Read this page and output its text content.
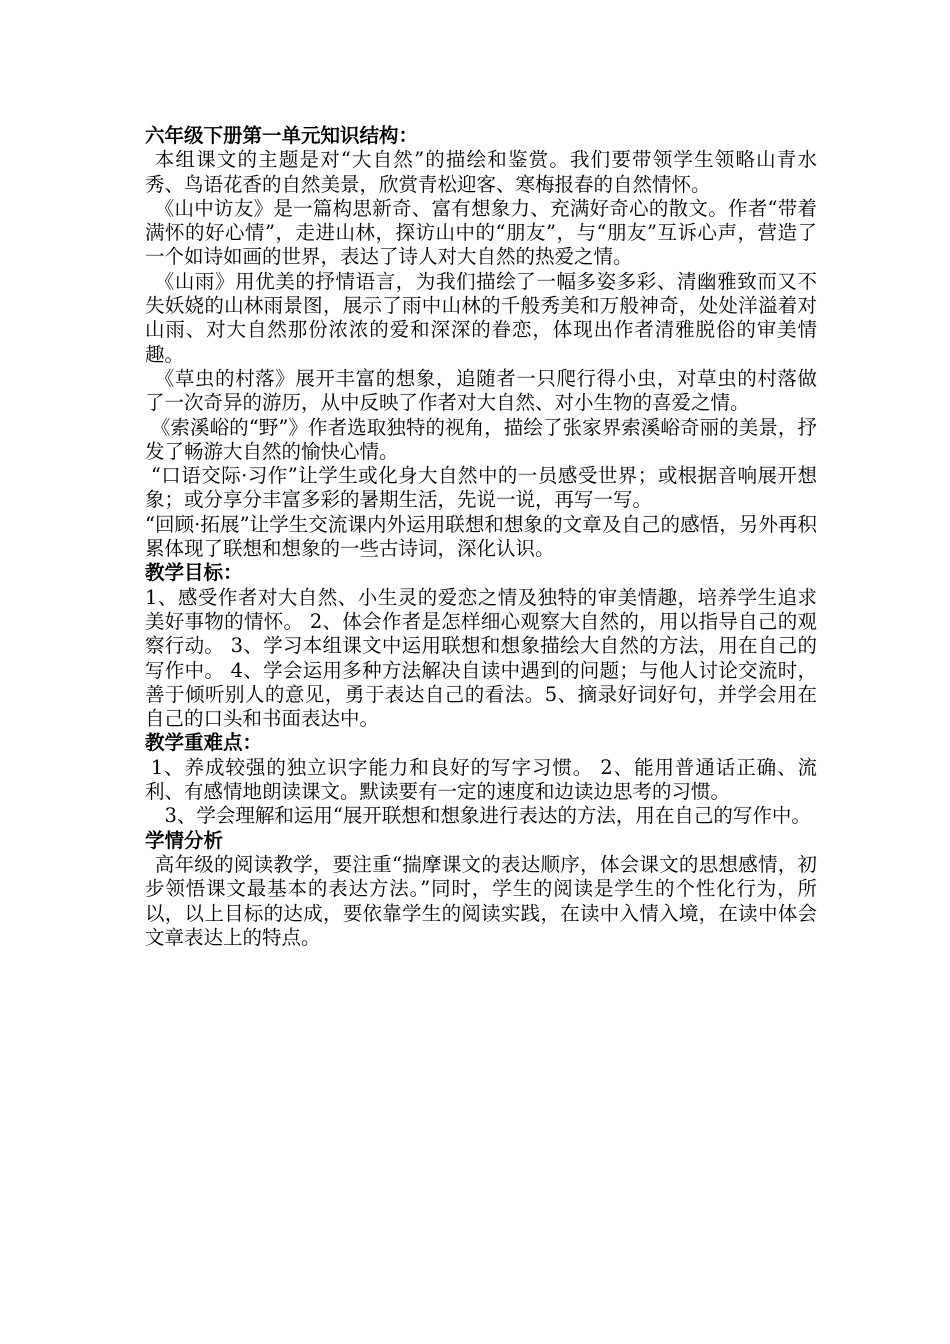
六年级下册第一单元知识结构：

本组课文的主题是对“大自然”的描绘和鉴赏。我们要带领学生领略山青水秀、鸟语花香的自然美景，欣赏青松迎客、寒梅报春的自然情怀。

《山中访友》是一篇构思新奇、富有想象力、充满好奇心的散文。作者“带着满怀的好心情”，走进山林，探访山中的“朋友”，与“朋友”互诉心声，营造了一个如诗如画的世界，表达了诗人对大自然的热爱之情。

《山雨》用优美的抒情语言，为我们描绘了一幅多姿多彩、清幽雅致而又不失妖娆的山林雨景图，展示了雨中山林的千般秀美和万般神奇，处处洋溢着对山雨、对大自然那份浓浓的爱和深深的眷恋，体现出作者清雅脱俗的审美情趣。

《草虫的村落》展开丰富的想象，追随者一只爬行得小虫，对草虫的村落做了一次奇异的游历，从中反映了作者对大自然、对小生物的喜爱之情。

《索溪峪的“野”》作者选取独特的视角，描绘了张家界索溪峪奇丽的美景，抒发了畅游大自然的愉快心情。

“口语交际·习作”让学生或化身大自然中的一员感受世界；或根据音响展开想象；或分享分丰富多彩的暑期生活，先说一说，再写一写。

“回顾·拓展”让学生交流课内外运用联想和想象的文章及自己的感悟，另外再积累体现了联想和想象的一些古诗词，深化认识。

教学目标：

1、感受作者对大自然、小生灵的爱恋之情及独特的审美情趣，培养学生追求美好事物的情怀。 2、体会作者是怎样细心观察大自然的，用以指导自己的观察行动。 3、学习本组课文中运用联想和想象描绘大自然的方法，用在自己的写作中。 4、学会运用多种方法解决自读中遇到的问题；与他人讨论交流时，善于倾听别人的意见，勇于表达自己的看法。5、摘录好词好句，并学会用在自己的口头和书面表达中。

教学重难点：

1、养成较强的独立识字能力和良好的写字习惯。 2、能用普通话正确、流利、有感情地朗读课文。默读要有一定的速度和边读边思考的习惯。

3、学会理解和运用“展开联想和想象进行表达的方法，用在自己的写作中。

学情分析

高年级的阅读教学，要注重“揣摩课文的表达顺序，体会课文的思想感情，初步领悟课文最基本的表达方法。”同时，学生的阅读是学生的个性化行为，所以，以上目标的达成，要依靠学生的阅读实践，在读中入情入境，在读中体会文章表达上的特点。
